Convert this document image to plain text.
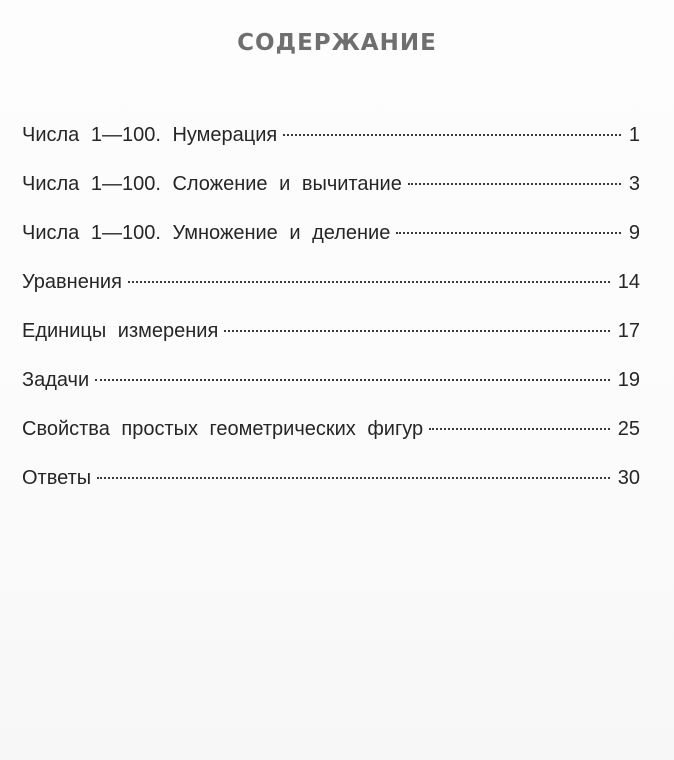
СОДЕРЖАНИЕ
Числа 1—100. Нумерация	1
Числа 1—100. Сложение и вычитание	3
Числа 1—100. Умножение и деление	9
Уравнения	14
Единицы измерения	17
Задачи	19
Свойства простых геометрических фигур	25
Ответы	30
